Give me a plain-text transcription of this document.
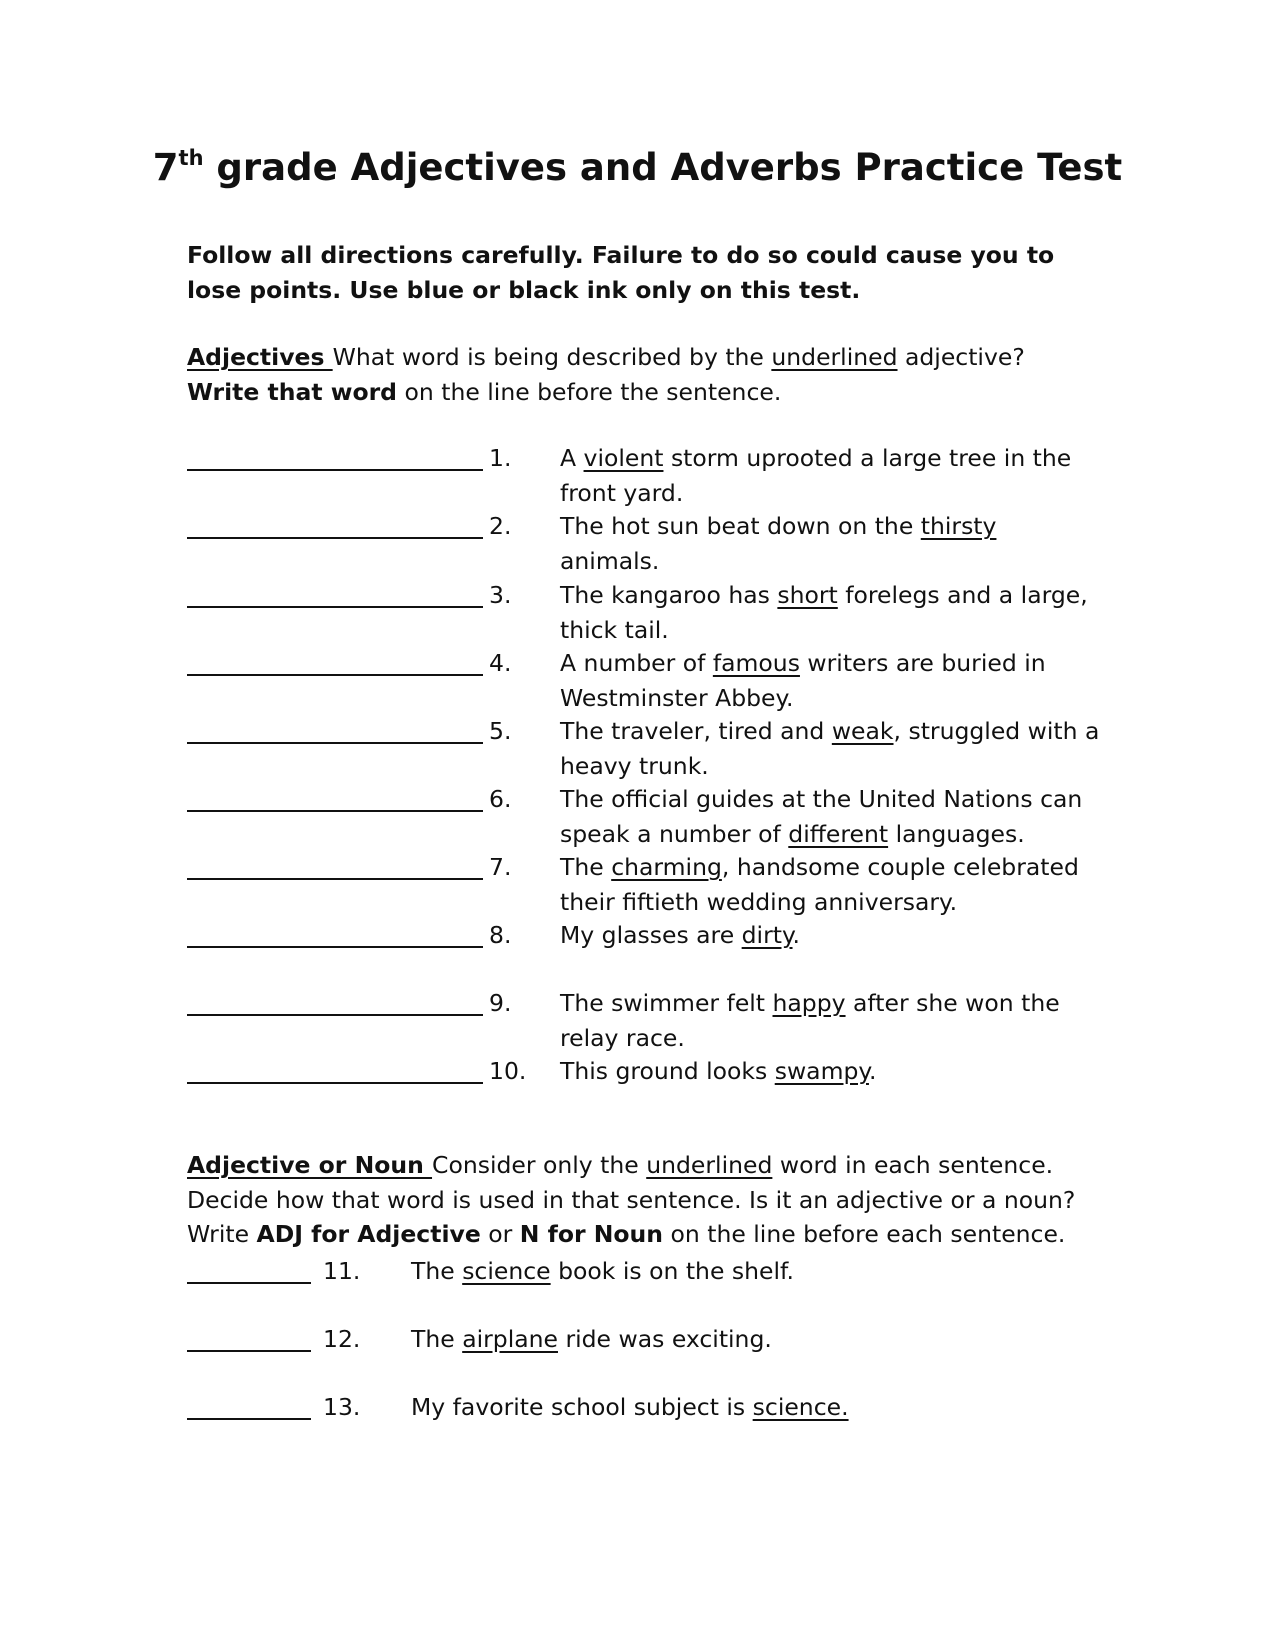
7th grade Adjectives and Adverbs Practice Test
Follow all directions carefully. Failure to do so could cause you to lose points. Use blue or black ink only on this test.
Adjectives What word is being described by the underlined adjective?
Write that word on the line before the sentence.
1. A violent storm uprooted a large tree in the front yard.
2. The hot sun beat down on the thirsty animals.
3. The kangaroo has short forelegs and a large, thick tail.
4. A number of famous writers are buried in Westminster Abbey.
5. The traveler, tired and weak, struggled with a heavy trunk.
6. The official guides at the United Nations can speak a number of different languages.
7. The charming, handsome couple celebrated their fiftieth wedding anniversary.
8. My glasses are dirty.
9. The swimmer felt happy after she won the relay race.
10. This ground looks swampy.
Adjective or Noun Consider only the underlined word in each sentence. Decide how that word is used in that sentence. Is it an adjective or a noun? Write ADJ for Adjective or N for Noun on the line before each sentence.
11. The science book is on the shelf.
12. The airplane ride was exciting.
13. My favorite school subject is science.
